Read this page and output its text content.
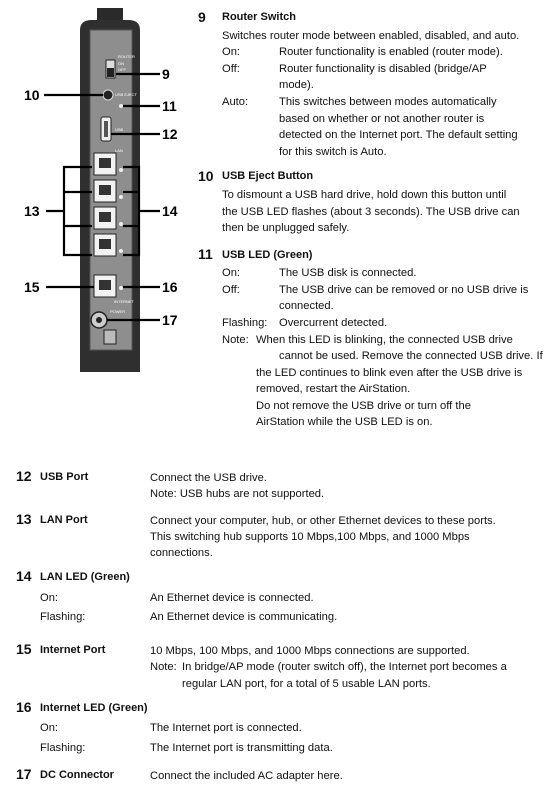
ROUTER
ON
OFF
USB EJECT
USB
LAN
INTERNET
POWER
9
10
11
12
13	14
15	16
17
9 Router Switch
Switches router mode between enabled, disabled, and auto.
On:	Router functionality is enabled (router mode).
Off:	Router functionality is disabled (bridge/AP
mode).
Auto:	This switches between modes automatically
based on whether or not another router is
detected on the Internet port. The default setting
for this switch is Auto.
10 USB Eject Button
To dismount a USB hard drive, hold down this button until
the USB LED flashes (about 3 seconds). The USB drive can
then be unplugged safely.
11 USB LED (Green)
On:	The USB disk is connected.
Off:	The USB drive can be removed or no USB drive is
connected.
Flashing: Overcurrent detected.
Note: When this LED is blinking, the connected USB drive
cannot be used. Remove the connected USB drive. If
the LED continues to blink even after the USB drive is
removed, restart the AirStation.
Do not remove the USB drive or turn off the
AirStation while the USB LED is on.
12 USB Port	Connect the USB drive.
Note: USB hubs are not supported.
13 LAN Port	Connect your computer, hub, or other Ethernet devices to these ports.
This switching hub supports 10 Mbps,100 Mbps, and 1000 Mbps
connections.
14 LAN LED (Green)
On:	An Ethernet device is connected.
Flashing:	An Ethernet device is communicating.
15 Internet Port	10 Mbps, 100 Mbps, and 1000 Mbps connections are supported.
Note: In bridge/AP mode (router switch off), the Internet port becomes a
regular LAN port, for a total of 5 usable LAN ports.
16 Internet LED (Green)
On:	The Internet port is connected.
Flashing:	The Internet port is transmitting data.
17 DC Connector	Connect the included AC adapter here.
